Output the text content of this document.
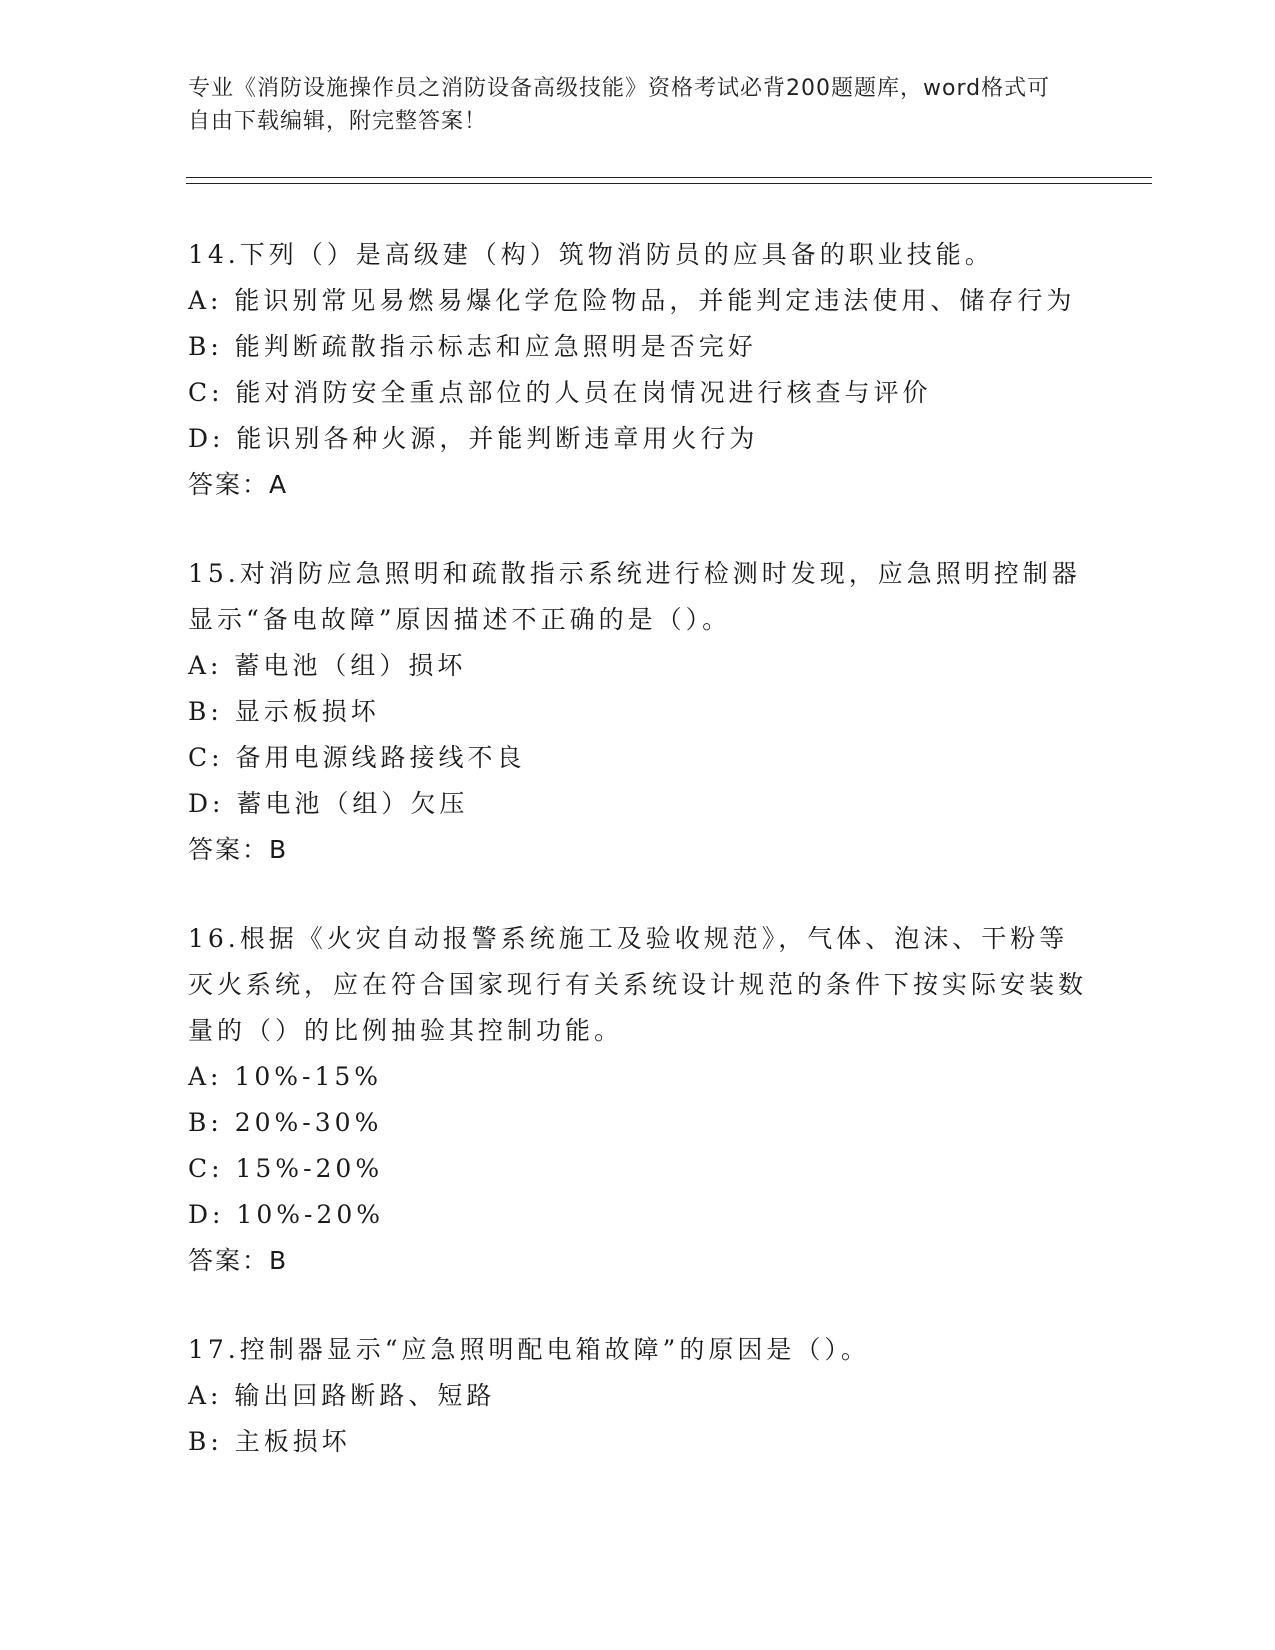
专业《消防设施操作员之消防设备高级技能》资格考试必背200题题库，word格式可自由下载编辑，附完整答案！
14.下列（）是高级建（构）筑物消防员的应具备的职业技能。
A: 能识别常见易燃易爆化学危险物品，并能判定违法使用、储存行为
B: 能判断疏散指示标志和应急照明是否完好
C: 能对消防安全重点部位的人员在岗情况进行核查与评价
D: 能识别各种火源，并能判断违章用火行为
答案：A
15.对消防应急照明和疏散指示系统进行检测时发现，应急照明控制器显示“备电故障”原因描述不正确的是（）。
A: 蓄电池（组）损坏
B: 显示板损坏
C: 备用电源线路接线不良
D: 蓄电池（组）欠压
答案：B
16.根据《火灾自动报警系统施工及验收规范》，气体、泡沫、干粉等灭火系统，应在符合国家现行有关系统设计规范的条件下按实际安装数量的（）的比例抽验其控制功能。
A: 10%-15%
B: 20%-30%
C: 15%-20%
D: 10%-20%
答案：B
17.控制器显示“应急照明配电箱故障”的原因是（）。
A: 输出回路断路、短路
B: 主板损坏
